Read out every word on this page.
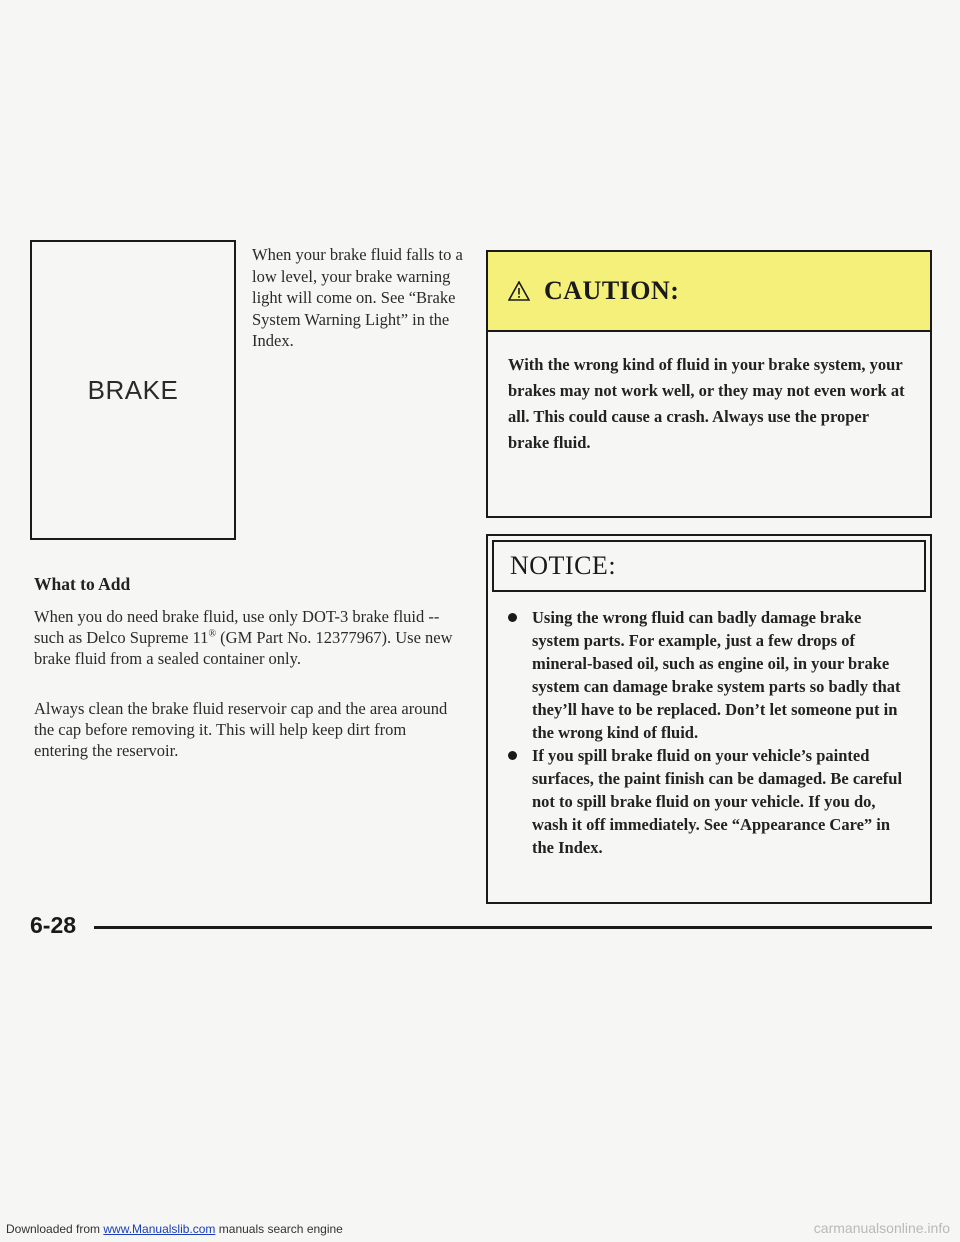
BRAKE
When your brake fluid falls to a low level, your brake warning light will come on. See “Brake System Warning Light” in the Index.
CAUTION:
With the wrong kind of fluid in your brake system, your brakes may not work well, or they may not even work at all. This could cause a crash. Always use the proper brake fluid.
NOTICE:
Using the wrong fluid can badly damage brake system parts. For example, just a few drops of mineral-based oil, such as engine oil, in your brake system can damage brake system parts so badly that they’ll have to be replaced. Don’t let someone put in the wrong kind of fluid.
If you spill brake fluid on your vehicle’s painted surfaces, the paint finish can be damaged. Be careful not to spill brake fluid on your vehicle. If you do, wash it off immediately. See “Appearance Care” in the Index.
What to Add

When you do need brake fluid, use only DOT-3 brake fluid -- such as Delco Supreme 11® (GM Part No. 12377967). Use new brake fluid from a sealed container only.

Always clean the brake fluid reservoir cap and the area around the cap before removing it. This will help keep dirt from entering the reservoir.

6-28
Downloaded from www.Manualslib.com manuals search engine	carmanualsonline.info
